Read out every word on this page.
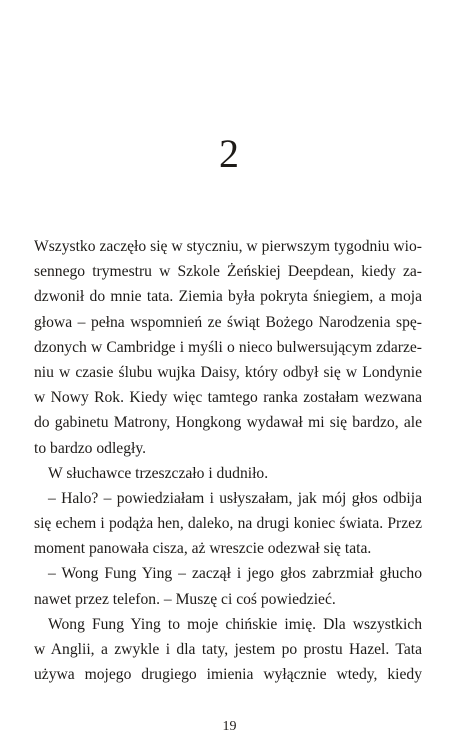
2
Wszystko zaczęło się w styczniu, w pierwszym tygodniu wio-
sennego trymestru w Szkole Żeńskiej Deepdean, kiedy za-
dzwonił do mnie tata. Ziemia była pokryta śniegiem, a moja
głowa – pełna wspomnień ze świąt Bożego Narodzenia spę-
dzonych w Cambridge i myśli o nieco bulwersującym zdarze-
niu w czasie ślubu wujka Daisy, który odbył się w Londynie
w Nowy Rok. Kiedy więc tamtego ranka zostałam wezwana
do gabinetu Matrony, Hongkong wydawał mi się bardzo, ale
to bardzo odległy.
W słuchawce trzeszczało i dudniło.
– Halo? – powiedziałam i usłyszałam, jak mój głos odbija
się echem i podąża hen, daleko, na drugi koniec świata. Przez
moment panowała cisza, aż wreszcie odezwał się tata.
– Wong Fung Ying – zaczął i jego głos zabrzmiał głucho
nawet przez telefon. – Muszę ci coś powiedzieć.
Wong Fung Ying to moje chińskie imię. Dla wszystkich
w Anglii, a zwykle i dla taty, jestem po prostu Hazel. Tata
używa mojego drugiego imienia wyłącznie wtedy, kiedy
19
